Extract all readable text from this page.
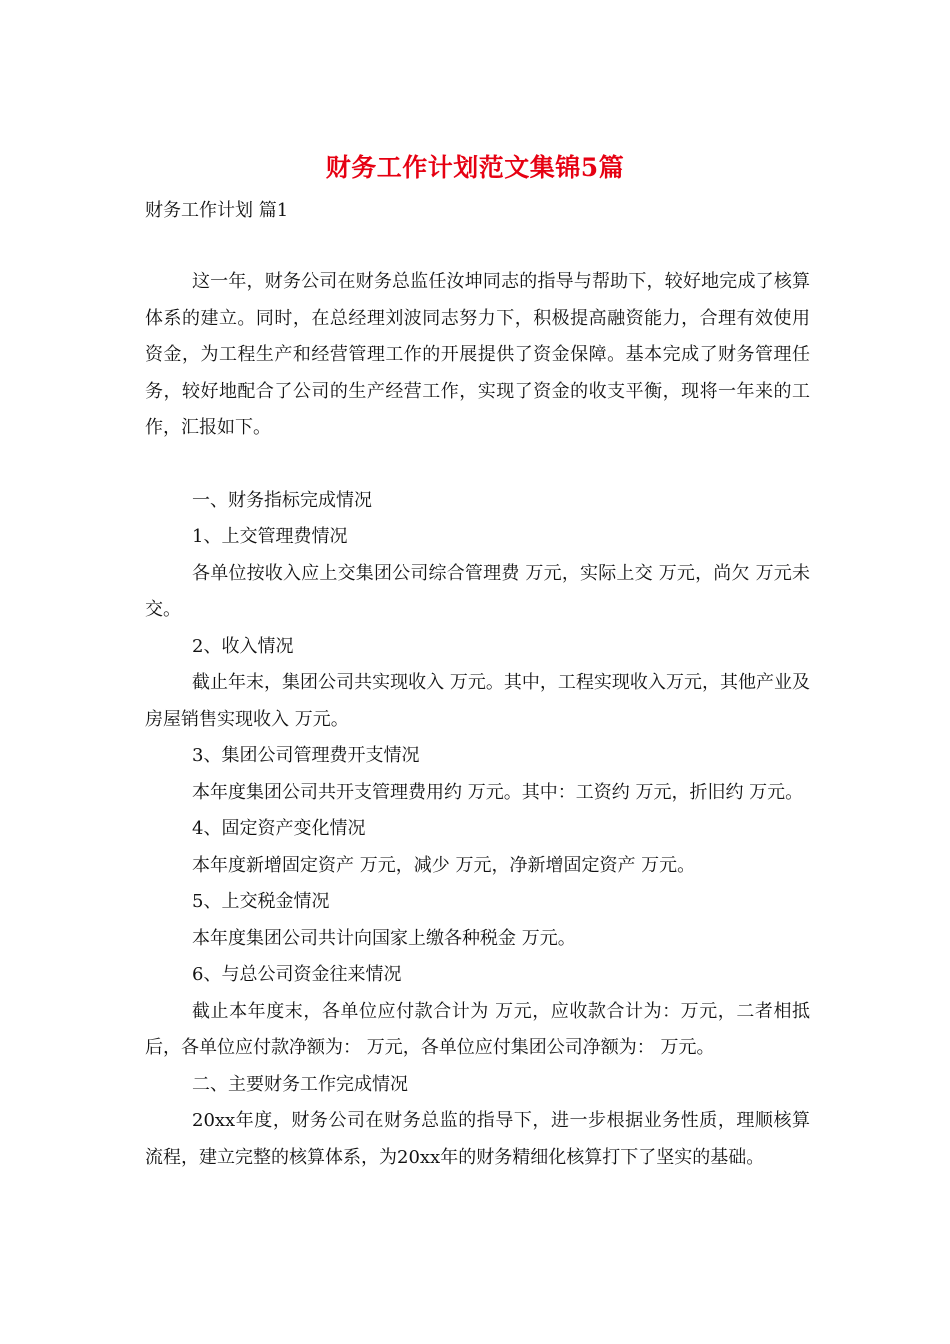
财务工作计划范文集锦5篇
财务工作计划 篇1

这一年，财务公司在财务总监任汝坤同志的指导与帮助下，较好地完成了核算体系的建立。同时，在总经理刘波同志努力下，积极提高融资能力，合理有效使用资金，为工程生产和经营管理工作的开展提供了资金保障。基本完成了财务管理任务，较好地配合了公司的生产经营工作，实现了资金的收支平衡，现将一年来的工作，汇报如下。

一、财务指标完成情况

1、上交管理费情况

各单位按收入应上交集团公司综合管理费 万元，实际上交 万元，尚欠 万元未交。

2、收入情况

截止年末，集团公司共实现收入 万元。其中，工程实现收入万元，其他产业及房屋销售实现收入 万元。

3、集团公司管理费开支情况

本年度集团公司共开支管理费用约 万元。其中：工资约 万元，折旧约 万元。

4、固定资产变化情况

本年度新增固定资产 万元，减少 万元，净新增固定资产 万元。

5、上交税金情况

本年度集团公司共计向国家上缴各种税金 万元。

6、与总公司资金往来情况

截止本年度末，各单位应付款合计为 万元，应收款合计为：万元，二者相抵后，各单位应付款净额为： 万元，各单位应付集团公司净额为： 万元。

二、主要财务工作完成情况

20xx年度，财务公司在财务总监的指导下，进一步根据业务性质，理顺核算流程，建立完整的核算体系，为20xx年的财务精细化核算打下了坚实的基础。
